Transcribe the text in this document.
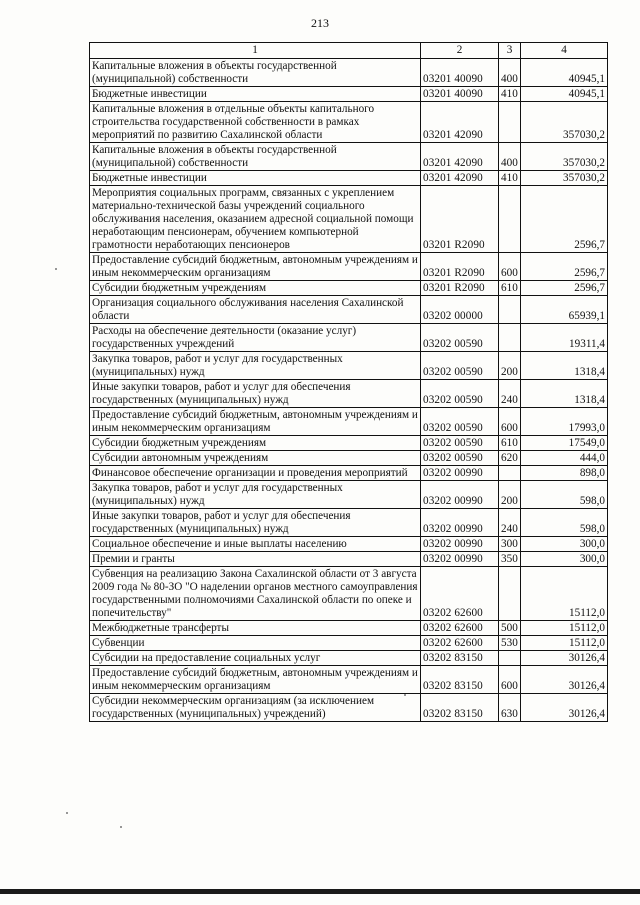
213
1	2	3	4
Капитальные вложения в объекты государственной (муниципальной) собственности	03201 40090	400	40945,1
Бюджетные инвестиции	03201 40090	410	40945,1
Капитальные вложения в отдельные объекты капитального строительства государственной собственности в рамках мероприятий по развитию Сахалинской области	03201 42090		357030,2
Капитальные вложения в объекты государственной (муниципальной) собственности	03201 42090	400	357030,2
Бюджетные инвестиции	03201 42090	410	357030,2
Мероприятия социальных программ, связанных с укреплением материально-технической базы учреждений социального обслуживания населения, оказанием адресной социальной помощи неработающим пенсионерам, обучением компьютерной грамотности неработающих пенсионеров	03201 R2090		2596,7
Предоставление субсидий бюджетным, автономным учреждениям и иным некоммерческим организациям	03201 R2090	600	2596,7
Субсидии бюджетным учреждениям	03201 R2090	610	2596,7
Организация социального обслуживания населения Сахалинской области	03202 00000		65939,1
Расходы на обеспечение деятельности (оказание услуг) государственных учреждений	03202 00590		19311,4
Закупка товаров, работ и услуг для государственных (муниципальных) нужд	03202 00590	200	1318,4
Иные закупки товаров, работ и услуг для обеспечения государственных (муниципальных) нужд	03202 00590	240	1318,4
Предоставление субсидий бюджетным, автономным учреждениям и иным некоммерческим организациям	03202 00590	600	17993,0
Субсидии бюджетным учреждениям	03202 00590	610	17549,0
Субсидии автономным учреждениям	03202 00590	620	444,0
Финансовое обеспечение организации и проведения мероприятий	03202 00990		898,0
Закупка товаров, работ и услуг для государственных (муниципальных) нужд	03202 00990	200	598,0
Иные закупки товаров, работ и услуг для обеспечения государственных (муниципальных) нужд	03202 00990	240	598,0
Социальное обеспечение и иные выплаты населению	03202 00990	300	300,0
Премии и гранты	03202 00990	350	300,0
Субвенция на реализацию Закона Сахалинской области от 3 августа 2009 года № 80-ЗО "О наделении органов местного самоуправления государственными полномочиями Сахалинской области по опеке и попечительству"	03202 62600		15112,0
Межбюджетные трансферты	03202 62600	500	15112,0
Субвенции	03202 62600	530	15112,0
Субсидии на предоставление социальных услуг	03202 83150		30126,4
Предоставление субсидий бюджетным, автономным учреждениям и иным некоммерческим организациям	03202 83150	600	30126,4
Субсидии некоммерческим организациям (за исключением государственных (муниципальных) учреждений)	03202 83150	630	30126,4
